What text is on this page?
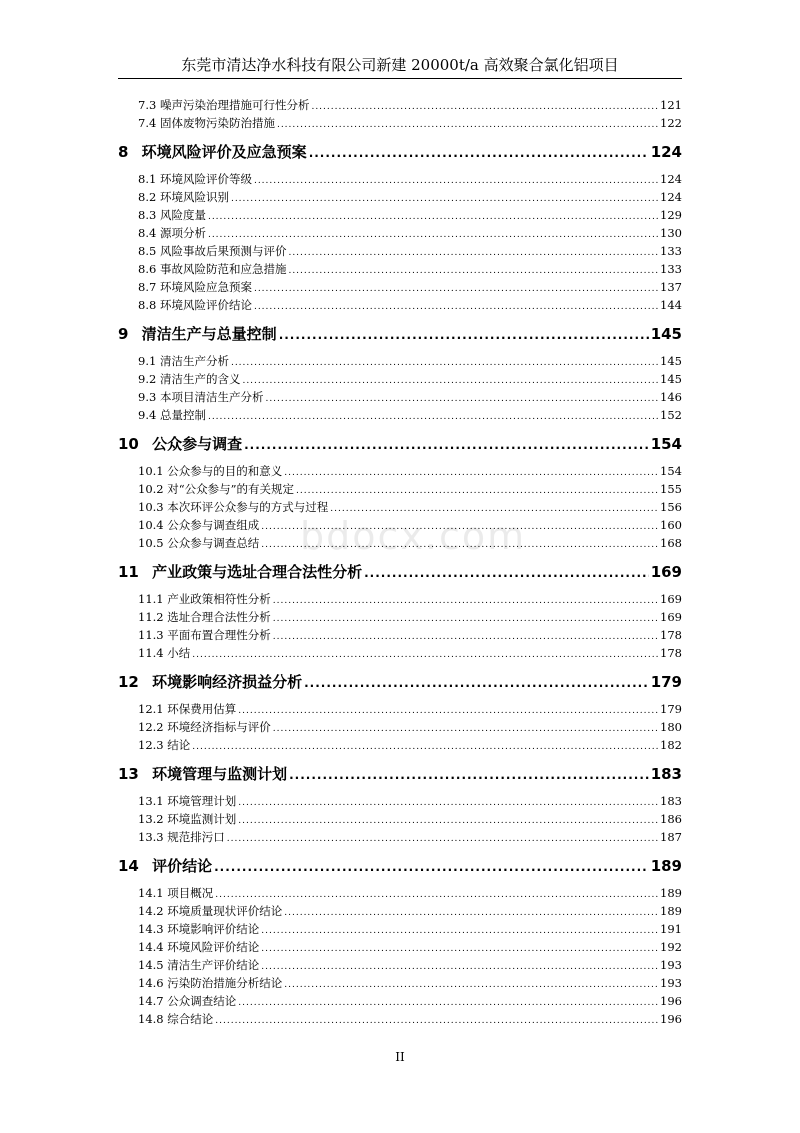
东莞市清达净水科技有限公司新建 20000t/a 高效聚合氯化铝项目
7.3 噪声污染治理措施可行性分析 .....	121
7.4 固体废物污染防治措施 .....	122
8 环境风险评价及应急预案 .....	124
8.1 环境风险评价等级 .....	124
8.2 环境风险识别 .....	124
8.3 风险度量 .....	129
8.4 源项分析 .....	130
8.5 风险事故后果预测与评价 .....	133
8.6 事故风险防范和应急措施 .....	133
8.7 环境风险应急预案 .....	137
8.8 环境风险评价结论 .....	144
9 清洁生产与总量控制 .....	145
9.1 清洁生产分析 .....	145
9.2 清洁生产的含义 .....	145
9.3 本项目清洁生产分析 .....	146
9.4 总量控制 .....	152
10 公众参与调查 .....	154
10.1 公众参与的目的和意义 .....	154
10.2 对“公众参与”的有关规定 .....	155
10.3 本次环评公众参与的方式与过程 .....	156
10.4 公众参与调查组成 .....	160
10.5 公众参与调查总结 .....	168
11 产业政策与选址合理合法性分析 .....	169
11.1 产业政策相符性分析 .....	169
11.2 选址合理合法性分析 .....	169
11.3 平面布置合理性分析 .....	178
11.4 小结 .....	178
12 环境影响经济损益分析 .....	179
12.1 环保费用估算 .....	179
12.2 环境经济指标与评价 .....	180
12.3 结论 .....	182
13 环境管理与监测计划 .....	183
13.1 环境管理计划 .....	183
13.2 环境监测计划 .....	186
13.3 规范排污口 .....	187
14 评价结论 .....	189
14.1 项目概况 .....	189
14.2 环境质量现状评价结论 .....	189
14.3 环境影响评价结论 .....	191
14.4 环境风险评价结论 .....	192
14.5 清洁生产评价结论 .....	193
14.6 污染防治措施分析结论 .....	193
14.7 公众调查结论 .....	196
14.8 综合结论 .....	196
bdocx.com
II
